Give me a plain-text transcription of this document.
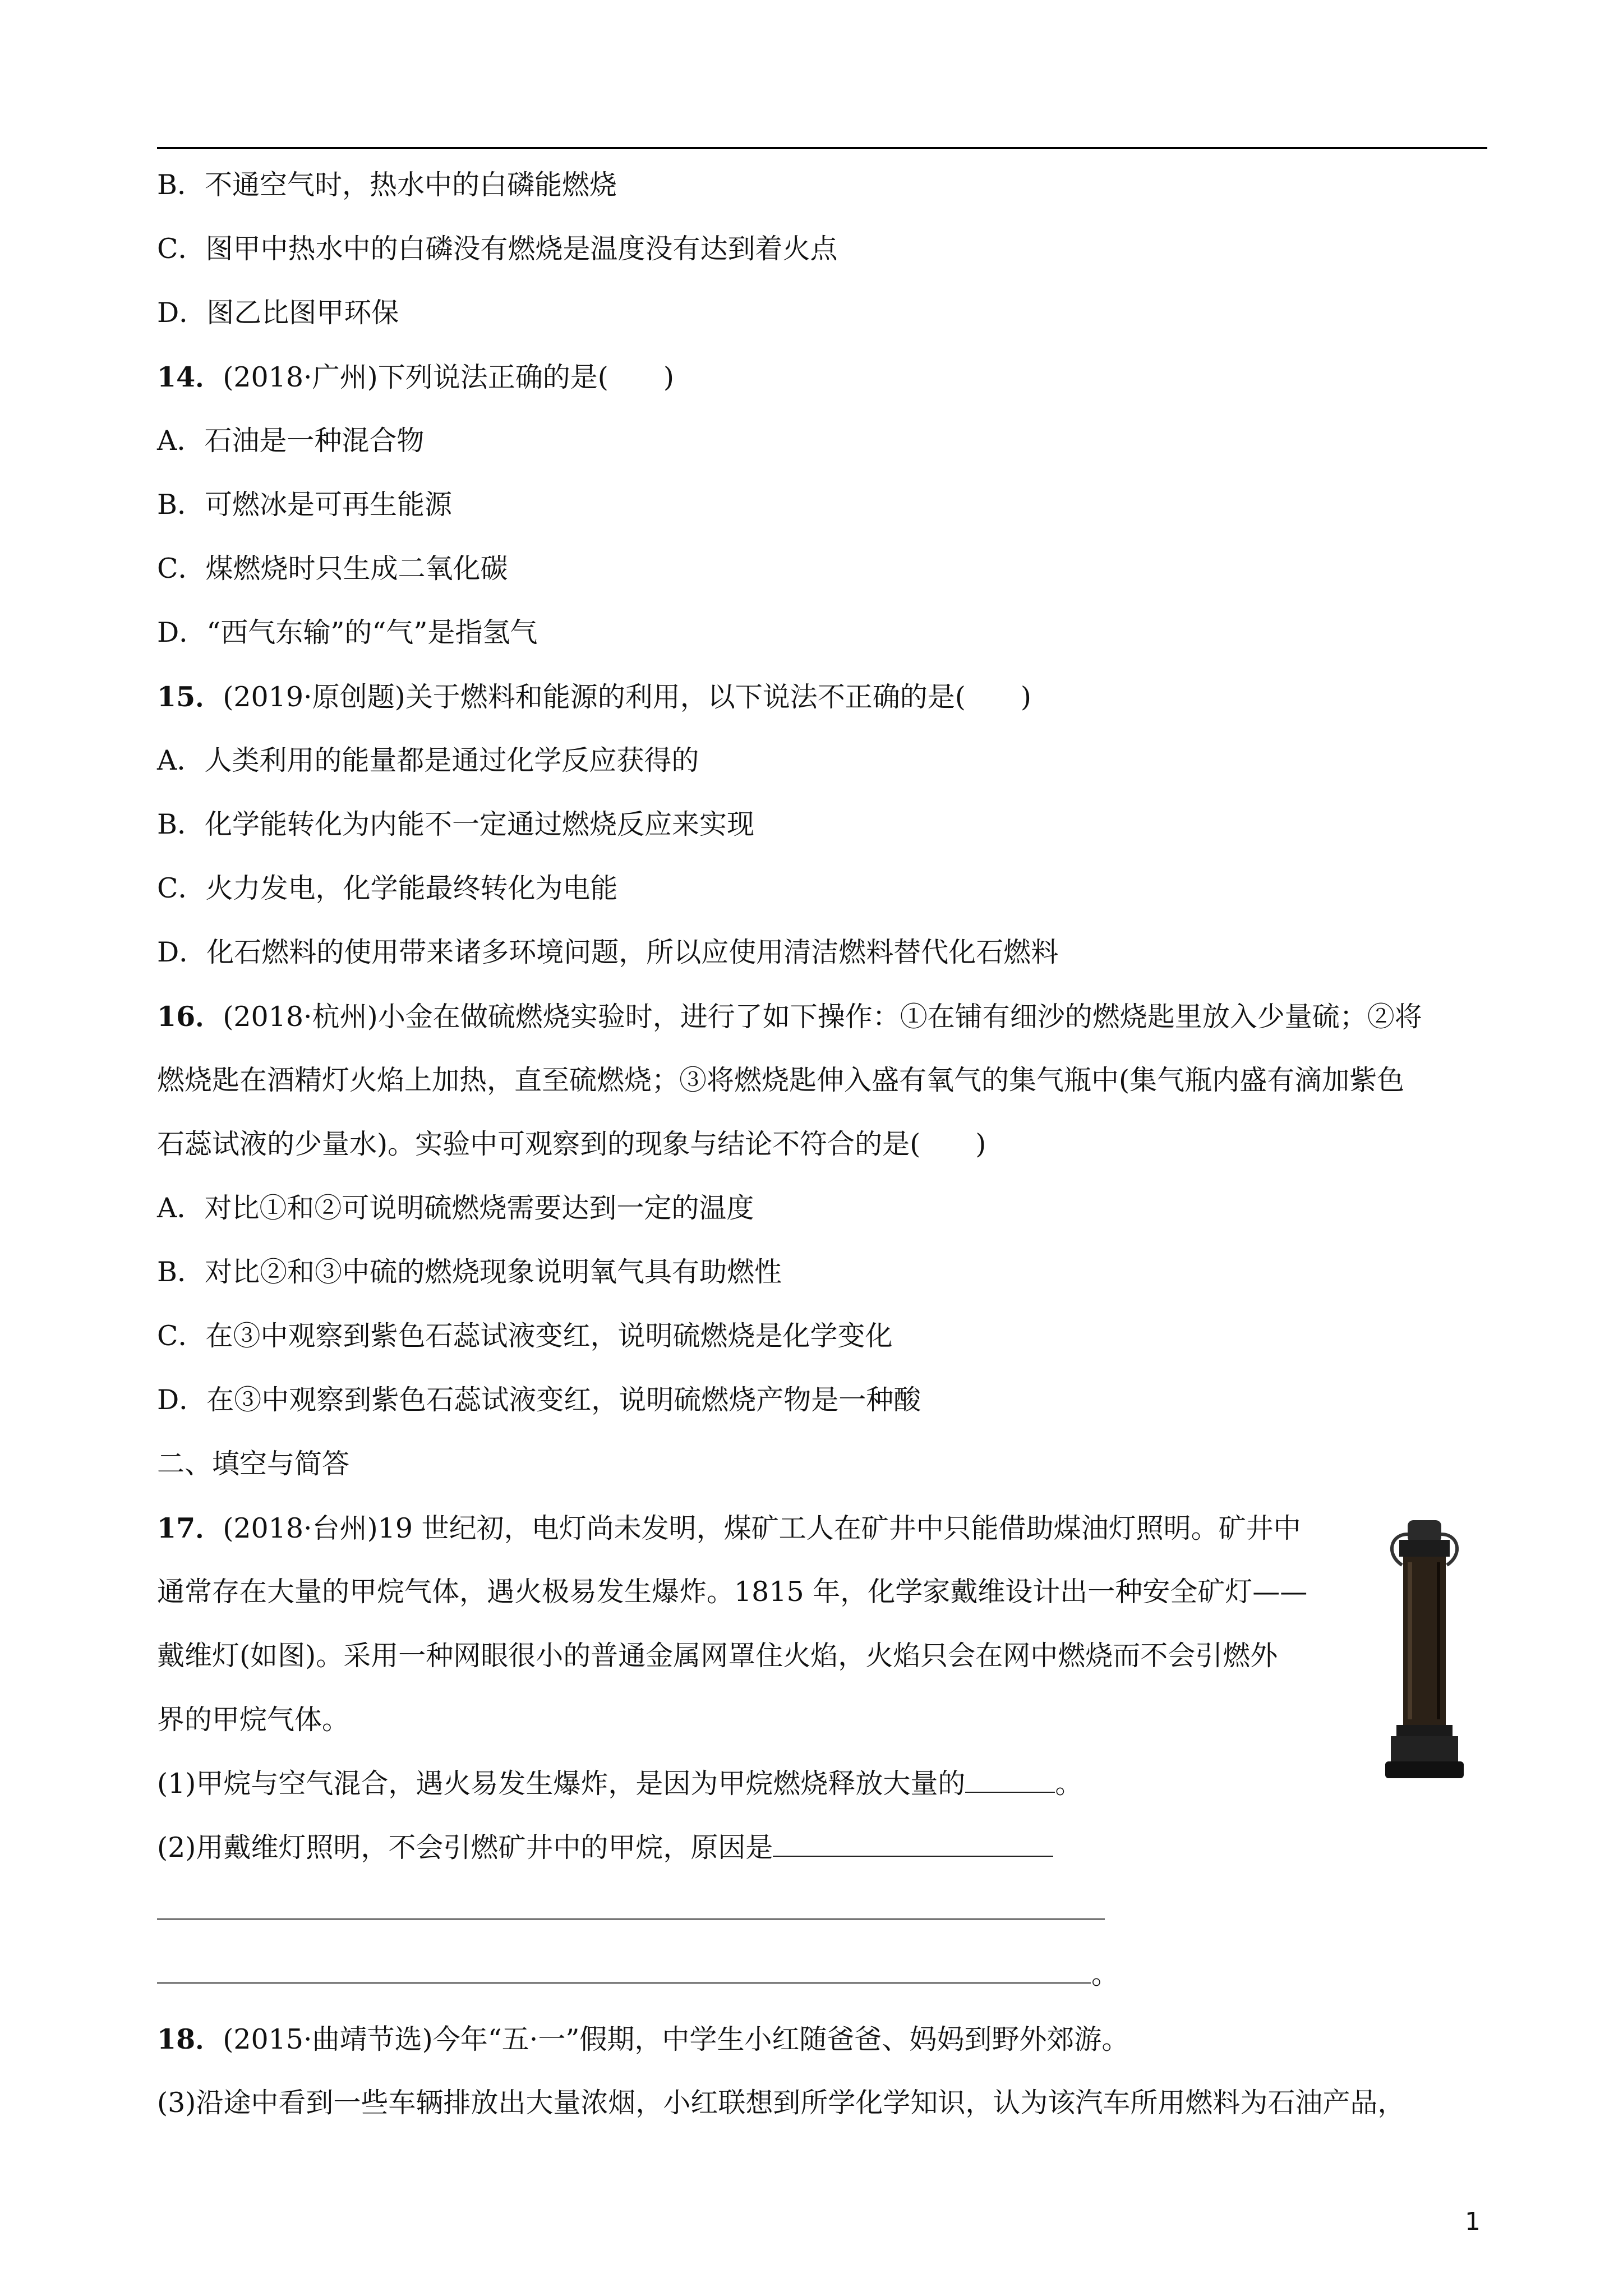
B．不通空气时，热水中的白磷能燃烧
C．图甲中热水中的白磷没有燃烧是温度没有达到着火点
D．图乙比图甲环保
14．(2018·广州)下列说法正确的是(　　)
A．石油是一种混合物
B．可燃冰是可再生能源
C．煤燃烧时只生成二氧化碳
D．“西气东输”的“气”是指氢气
15．(2019·原创题)关于燃料和能源的利用，以下说法不正确的是(　　)
A．人类利用的能量都是通过化学反应获得的
B．化学能转化为内能不一定通过燃烧反应来实现
C．火力发电，化学能最终转化为电能
D．化石燃料的使用带来诸多环境问题，所以应使用清洁燃料替代化石燃料
16．(2018·杭州)小金在做硫燃烧实验时，进行了如下操作：①在铺有细沙的燃烧匙里放入少量硫；②将
燃烧匙在酒精灯火焰上加热，直至硫燃烧；③将燃烧匙伸入盛有氧气的集气瓶中(集气瓶内盛有滴加紫色
石蕊试液的少量水)。实验中可观察到的现象与结论不符合的是(　　)
A．对比①和②可说明硫燃烧需要达到一定的温度
B．对比②和③中硫的燃烧现象说明氧气具有助燃性
C．在③中观察到紫色石蕊试液变红，说明硫燃烧是化学变化
D．在③中观察到紫色石蕊试液变红，说明硫燃烧产物是一种酸
二、填空与简答
17．(2018·台州)19 世纪初，电灯尚未发明，煤矿工人在矿井中只能借助煤油灯照明。矿井中
通常存在大量的甲烷气体，遇火极易发生爆炸。1815 年，化学家戴维设计出一种安全矿灯——
戴维灯(如图)。采用一种网眼很小的普通金属网罩住火焰，火焰只会在网中燃烧而不会引燃外
界的甲烷气体。
(1)甲烷与空气混合，遇火易发生爆炸，是因为甲烷燃烧释放大量的	。
(2)用戴维灯照明，不会引燃矿井中的甲烷，原因是
。
18．(2015·曲靖节选)今年“五·一”假期，中学生小红随爸爸、妈妈到野外郊游。
(3)沿途中看到一些车辆排放出大量浓烟，小红联想到所学化学知识，认为该汽车所用燃料为石油产品，
1
